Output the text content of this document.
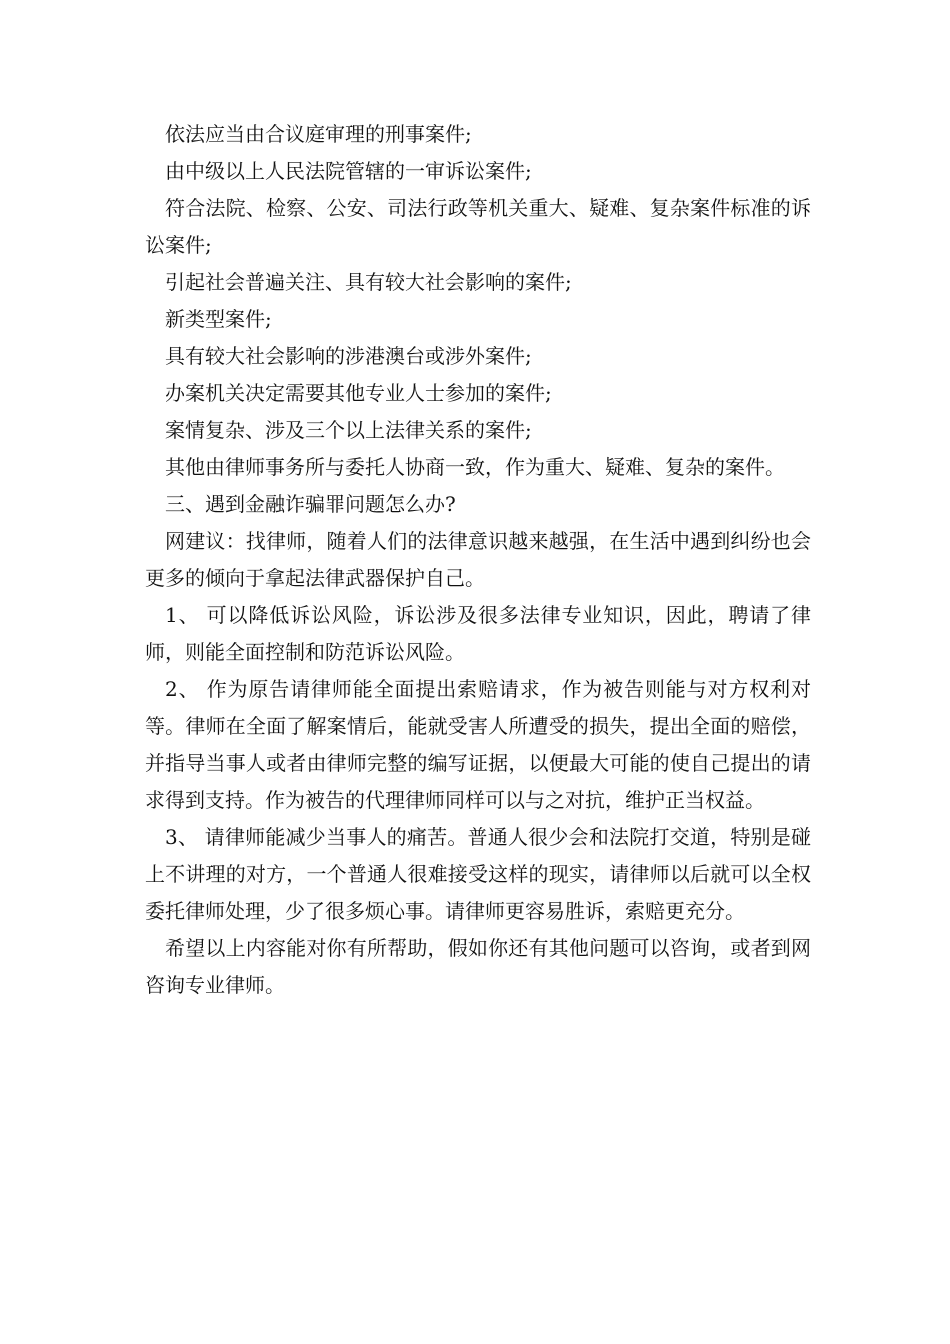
依法应当由合议庭审理的刑事案件;

由中级以上人民法院管辖的一审诉讼案件;

符合法院、检察、公安、司法行政等机关重大、疑难、复杂案件标准的诉讼案件;

引起社会普遍关注、具有较大社会影响的案件;

新类型案件;

具有较大社会影响的涉港澳台或涉外案件;

办案机关决定需要其他专业人士参加的案件;

案情复杂、涉及三个以上法律关系的案件;

其他由律师事务所与委托人协商一致，作为重大、疑难、复杂的案件。

三、遇到金融诈骗罪问题怎么办?

网建议：找律师，随着人们的法律意识越来越强，在生活中遇到纠纷也会更多的倾向于拿起法律武器保护自己。

1、 可以降低诉讼风险，诉讼涉及很多法律专业知识，因此，聘请了律师，则能全面控制和防范诉讼风险。

2、 作为原告请律师能全面提出索赔请求，作为被告则能与对方权利对等。律师在全面了解案情后，能就受害人所遭受的损失，提出全面的赔偿，并指导当事人或者由律师完整的编写证据，以便最大可能的使自己提出的请求得到支持。作为被告的代理律师同样可以与之对抗，维护正当权益。

3、 请律师能减少当事人的痛苦。普通人很少会和法院打交道，特别是碰上不讲理的对方，一个普通人很难接受这样的现实，请律师以后就可以全权委托律师处理，少了很多烦心事。请律师更容易胜诉，索赔更充分。

希望以上内容能对你有所帮助，假如你还有其他问题可以咨询，或者到网咨询专业律师。
